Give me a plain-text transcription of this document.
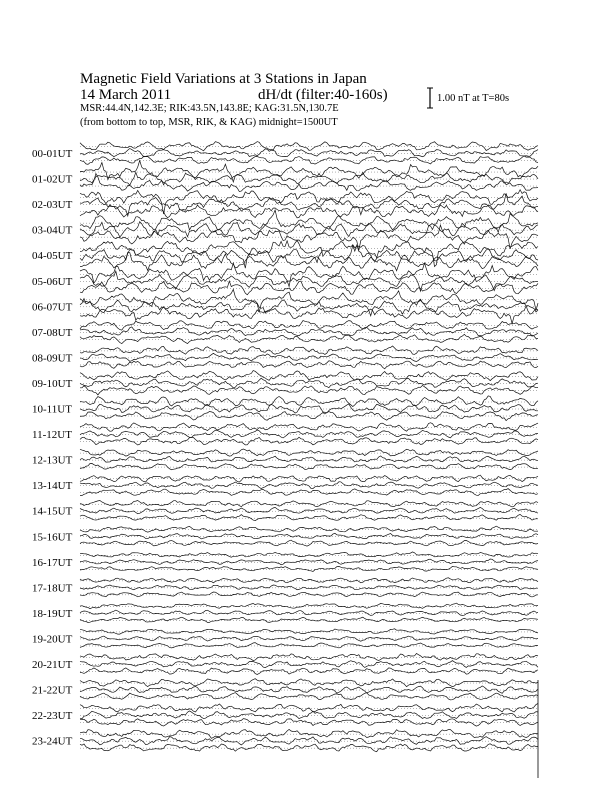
Magnetic Field Variations at 3 Stations in Japan
14 March 2011	dH/dt (filter:40-160s)
MSR:44.4N,142.3E; RIK:43.5N,143.8E; KAG:31.5N,130.7E
(from bottom to top, MSR, RIK, & KAG) midnight=1500UT
1.00 nT at T=80s
00-01UT
01-02UT
02-03UT
03-04UT
04-05UT
05-06UT
06-07UT
07-08UT
08-09UT
09-10UT
10-11UT
11-12UT
12-13UT
13-14UT
14-15UT
15-16UT
16-17UT
17-18UT
18-19UT
19-20UT
20-21UT
21-22UT
22-23UT
23-24UT
